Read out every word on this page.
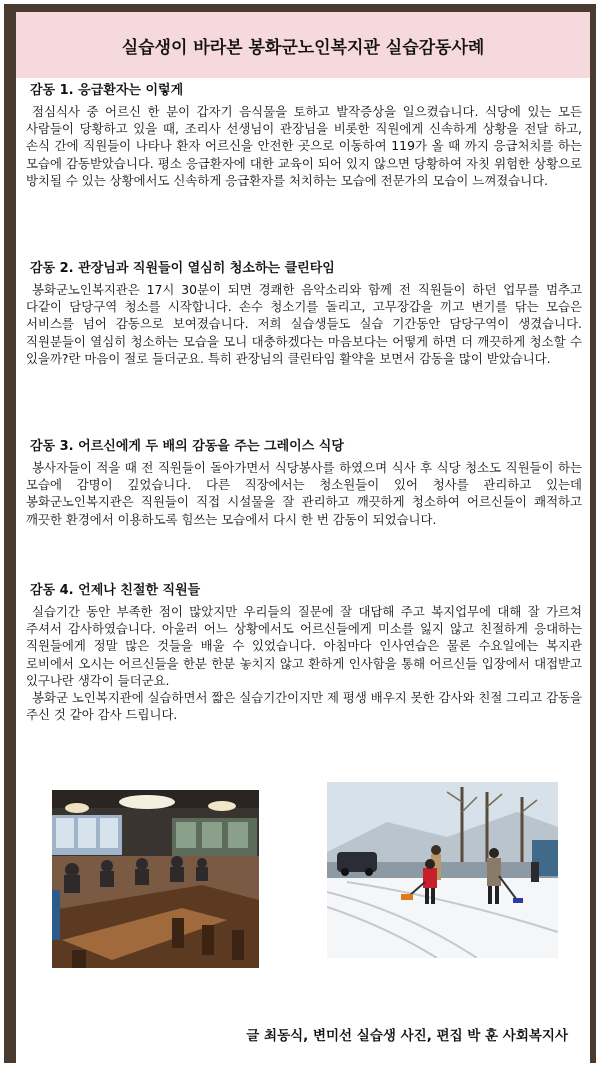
실습생이 바라본 봉화군노인복지관 실습감동사례
감동 1. 응급환자는 이렇게

점심식사 중 어르신 한 분이 갑자기 음식물을 토하고 발작증상을 일으켰습니다. 식당에 있는 모든 사람들이 당황하고 있을 때, 조리사 선생님이 관장님을 비롯한 직원에게 신속하게 상황을 전달 하고, 손식 간에 직원들이 나타나 환자 어르신을 안전한 곳으로 이동하여 119가 올 때 까지 응급처치를 하는 모습에 감동받았습니다. 평소 응급환자에 대한 교육이 되어 있지 않으면 당황하여 자칫 위험한 상황으로 방치될 수 있는 상황에서도 신속하게 응급환자를 처치하는 모습에 전문가의 모습이 느껴졌습니다.

감동 2. 관장님과 직원들이 열심히 청소하는 클린타임

봉화군노인복지관은 17시 30분이 되면 경쾌한 음악소리와 함께 전 직원들이 하던 업무를 멈추고 다같이 담당구역 청소를 시작합니다. 손수 청소기를 돌리고, 고무장갑을 끼고 변기를 닦는 모습은 서비스를 넘어 감동으로 보여졌습니다. 저희 실습생들도 실습 기간동안 담당구역이 생겼습니다. 직원분들이 열심히 청소하는 모습을 모니 대충하겠다는 마음보다는 어떻게 하면 더 깨끗하게 청소할 수 있을까?란 마음이 절로 들더군요. 특히 관장님의 클린타임 활약을 보면서 감동을 많이 받았습니다.

감동 3. 어르신에게 두 배의 감동을 주는 그레이스 식당

봉사자들이 적을 때 전 직원들이 돌아가면서 식당봉사를 하였으며 식사 후 식당 청소도 직원들이 하는 모습에 감명이 깊었습니다. 다른 직장에서는 청소원들이 있어 청사를 관리하고 있는데 봉화군노인복지관은 직원들이 직접 시설물을 잘 관리하고 깨끗하게 청소하여 어르신들이 쾌적하고 깨끗한 환경에서 이용하도록 힘쓰는 모습에서 다시 한 번 감동이 되었습니다.

감동 4. 언제나 친절한 직원들

실습기간 동안 부족한 점이 많았지만 우리들의 질문에 잘 대답해 주고 복지업무에 대해 잘 가르쳐 주셔서 감사하였습니다. 아울러 어느 상황에서도 어르신들에게 미소를 잃지 않고 친절하게 응대하는 직원들에게 정말 많은 것들을 배울 수 있었습니다. 아침마다 인사연습은 물론 수요일에는 복지관 로비에서 오시는 어르신들을 한분 한분 놓치지 않고 환하게 인사함을 통해 어르신들 입장에서 대접받고 있구나란 생각이 들더군요.

봉화군 노인복지관에 실습하면서 짧은 실습기간이지만 제 평생 배우지 못한 감사와 친절 그리고 감동을 주신 것 같아 감사 드립니다.

글 최동식, 변미선 실습생 사진, 편집 박 훈 사회복지사
